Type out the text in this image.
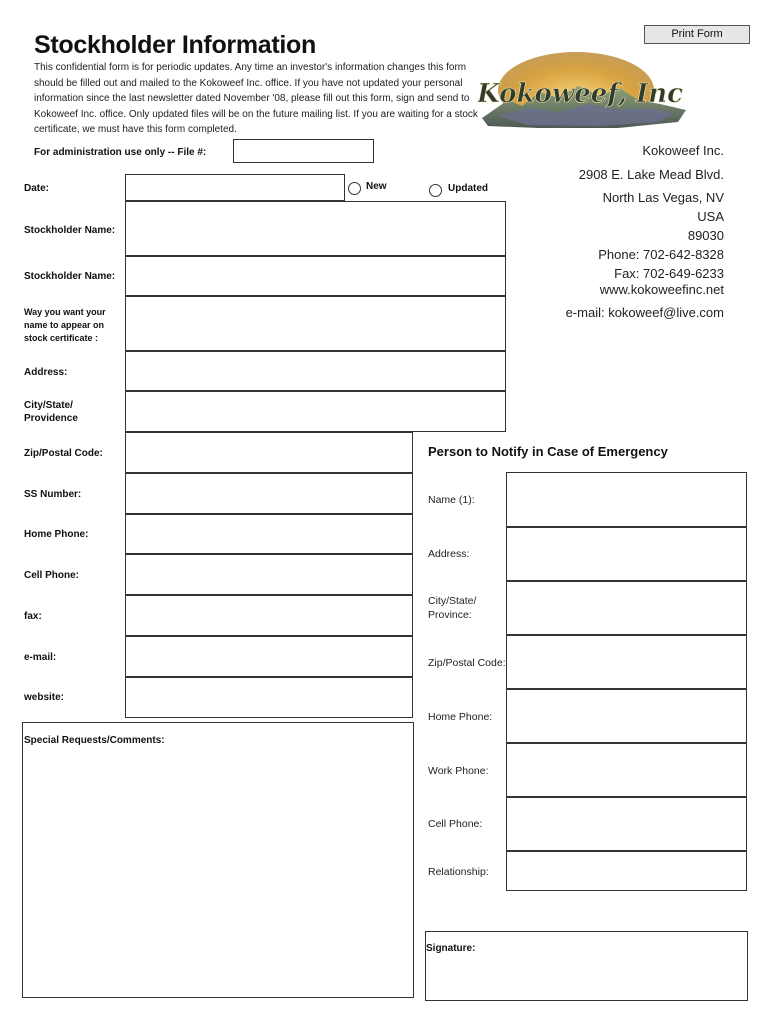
Print Form
Stockholder Information
This confidential form is for periodic updates. Any time an investor's information changes this form should be filled out and mailed to the Kokoweef Inc. office. If you have not updated your personal information since the last newsletter dated November '08, please fill out this form, sign and send to Kokoweef Inc. office. Only updated files will be on the future mailing list. If you are waiting for a stock certificate, we must have this form completed.
Kokoweef, Inc
For administration use only -- File #:
Date:	New	Updated
Stockholder Name:
Stockholder Name:
Way you want your name to appear on stock certificate :
Address:
City/State/ Providence
Zip/Postal Code:
SS Number:
Home Phone:
Cell Phone:
fax:
e-mail:
website:
Special Requests/Comments:
Kokoweef Inc.
2908 E. Lake Mead Blvd.
North Las Vegas, NV
USA
89030
Phone: 702-642-8328
Fax: 702-649-6233
www.kokoweefinc.net
e-mail: kokoweef@live.com
Person to Notify in Case of Emergency
Name (1):
Address:
City/State/ Province:
Zip/Postal Code:
Home Phone:
Work Phone:
Cell Phone:
Relationship:
Signature:
